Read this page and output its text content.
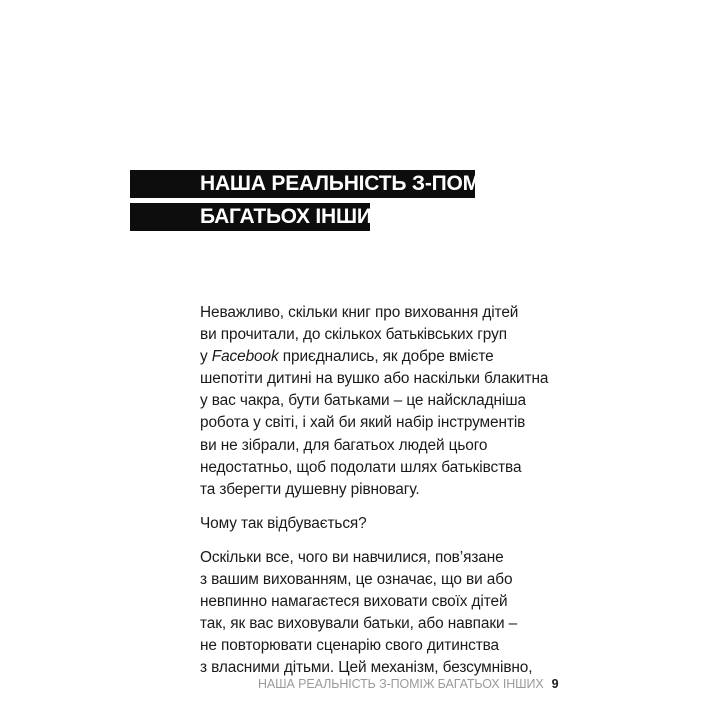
НАША РЕАЛЬНІСТЬ З-ПОМІЖ
БАГАТЬОХ ІНШИХ

Неважливо, скільки книг про виховання дітей

ви прочитали, до скількох батьківських груп

у Facebook приєднались, як добре вмієте

шепотіти дитині на вушко або наскільки блакитна

у вас чакра, бути батьками – це найскладніша

робота у світі, і хай би який набір інструментів

ви не зібрали, для багатьох людей цього

недостатньо, щоб подолати шлях батьківства

та зберегти душевну рівновагу.

Чому так відбувається?

Оскільки все, чого ви навчилися, пов’язане

з вашим вихованням, це означає, що ви або

невпинно намагаєтеся виховати своїх дітей

так, як вас виховували батьки, або навпаки –

не повторювати сценарію свого дитинства

з власними дітьми. Цей механізм, безсумнівно,

НАША РЕАЛЬНІСТЬ З-ПОМІЖ БАГАТЬОХ ІНШИХ 9
